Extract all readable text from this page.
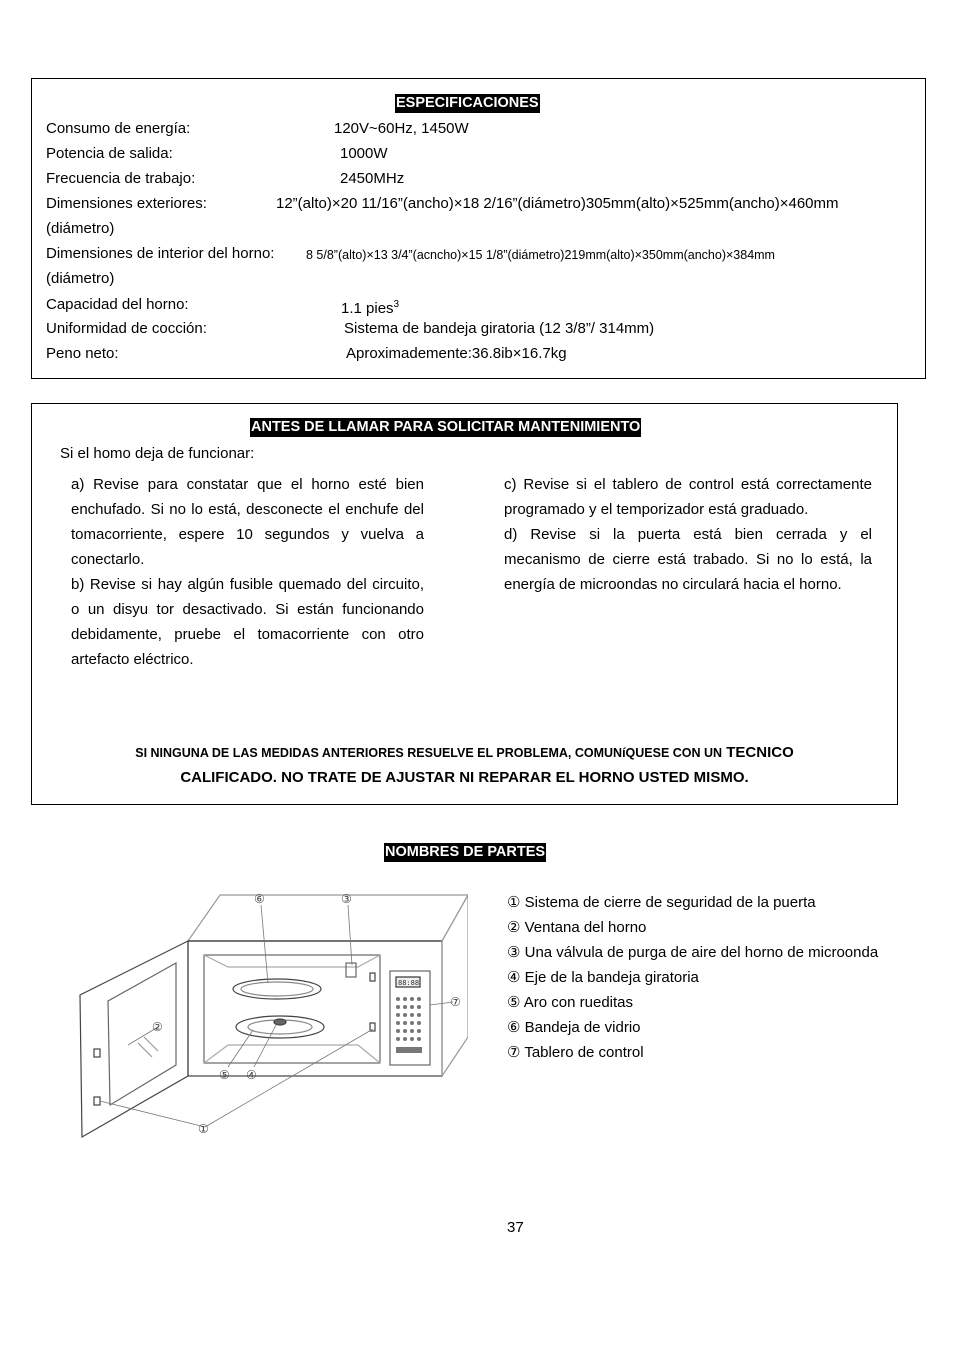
ESPECIFICACIONES
Consumo de energía:	120V~60Hz, 1450W
Potencia de salida:	1000W
Frecuencia de trabajo:	2450MHz
Dimensiones exteriores:	12”(alto)×20 11/16”(ancho)×18 2/16”(diámetro)305mm(alto)×525mm(ancho)×460mm
(diámetro)
Dimensiones de interior del horno:	8 5/8”(alto)×13 3/4”(acncho)×15 1/8”(diámetro)219mm(alto)×350mm(ancho)×384mm
(diámetro)
Capacidad del horno:	1.1 pies$^3$
Uniformidad de cocción:	Sistema de bandeja giratoria (12 3/8”/ 314mm)
Peno neto:	Aproximademente:36.8ib×16.7kg
ANTES DE LLAMAR PARA SOLICITAR MANTENIMIENTO
Si el homo deja de funcionar:

a) Revise para constatar que el horno esté bien enchufado. Si no lo está, desconecte el enchufe del tomacorriente, espere 10 segundos y vuelva a conectarlo.

b) Revise si hay algún fusible quemado del circuito, o un disyu tor desactivado. Si están funcionando debidamente, pruebe el tomacorriente con otro artefacto eléctrico.

c) Revise si el tablero de control está correctamente programado y el temporizador está graduado.

d) Revise si la puerta está bien cerrada y el mecanismo de cierre está trabado. Si no lo está, la energía de microondas no circulará hacia el horno.

SI NINGUNA DE LAS MEDIDAS ANTERIORES RESUELVE EL PROBLEMA, COMUNíQUESE CON UN TECNICO
CALIFICADO. NO TRATE DE AJUSTAR NI REPARAR EL HORNO USTED MISMO.
NOMBRES DE PARTES
88:88
⑥	③
②
⑦
⑤ ④
①

① Sistema de cierre de seguridad de la puerta

② Ventana del horno

③ Una válvula de purga de aire del horno de microonda

④ Eje de la bandeja giratoria

⑤ Aro con rueditas

⑥ Bandeja de vidrio

⑦ Tablero de control

37
